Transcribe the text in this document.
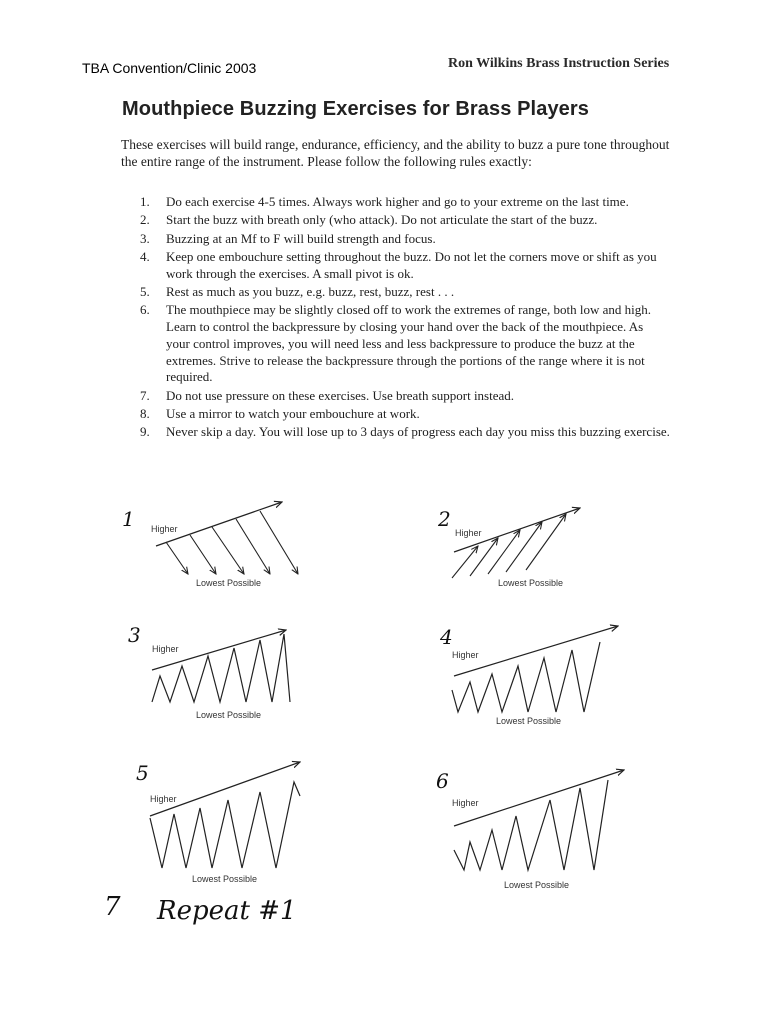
TBA Convention/Clinic 2003	Ron Wilkins Brass Instruction Series
Mouthpiece Buzzing Exercises for Brass Players
These exercises will build range, endurance, efficiency, and the ability to buzz a pure tone throughout the entire range of the instrument. Please follow the following rules exactly:
1. Do each exercise 4-5 times. Always work higher and go to your extreme on the last time.
2. Start the buzz with breath only (who attack). Do not articulate the start of the buzz.
3. Buzzing at an Mf to F will build strength and focus.
4. Keep one embouchure setting throughout the buzz. Do not let the corners move or shift as you work through the exercises. A small pivot is ok.
5. Rest as much as you buzz, e.g. buzz, rest, buzz, rest . . .
6. The mouthpiece may be slightly closed off to work the extremes of range, both low and high. Learn to control the backpressure by closing your hand over the back of the mouthpiece. As your control improves, you will need less and less backpressure to produce the buzz at the extremes. Strive to release the backpressure through the portions of the range where it is not required.
7. Do not use pressure on these exercises. Use breath support instead.
8. Use a mirror to watch your embouchure at work.
9. Never skip a day. You will lose up to 3 days of progress each day you miss this buzzing exercise.
1 Higher
Lowest Possible
2
Higher
Lowest Possible
3
Higher
Lowest Possible
4
Higher
Lowest Possible
5
Higher
Lowest Possible
6
Higher
Lowest Possible
7 Repeat #1
